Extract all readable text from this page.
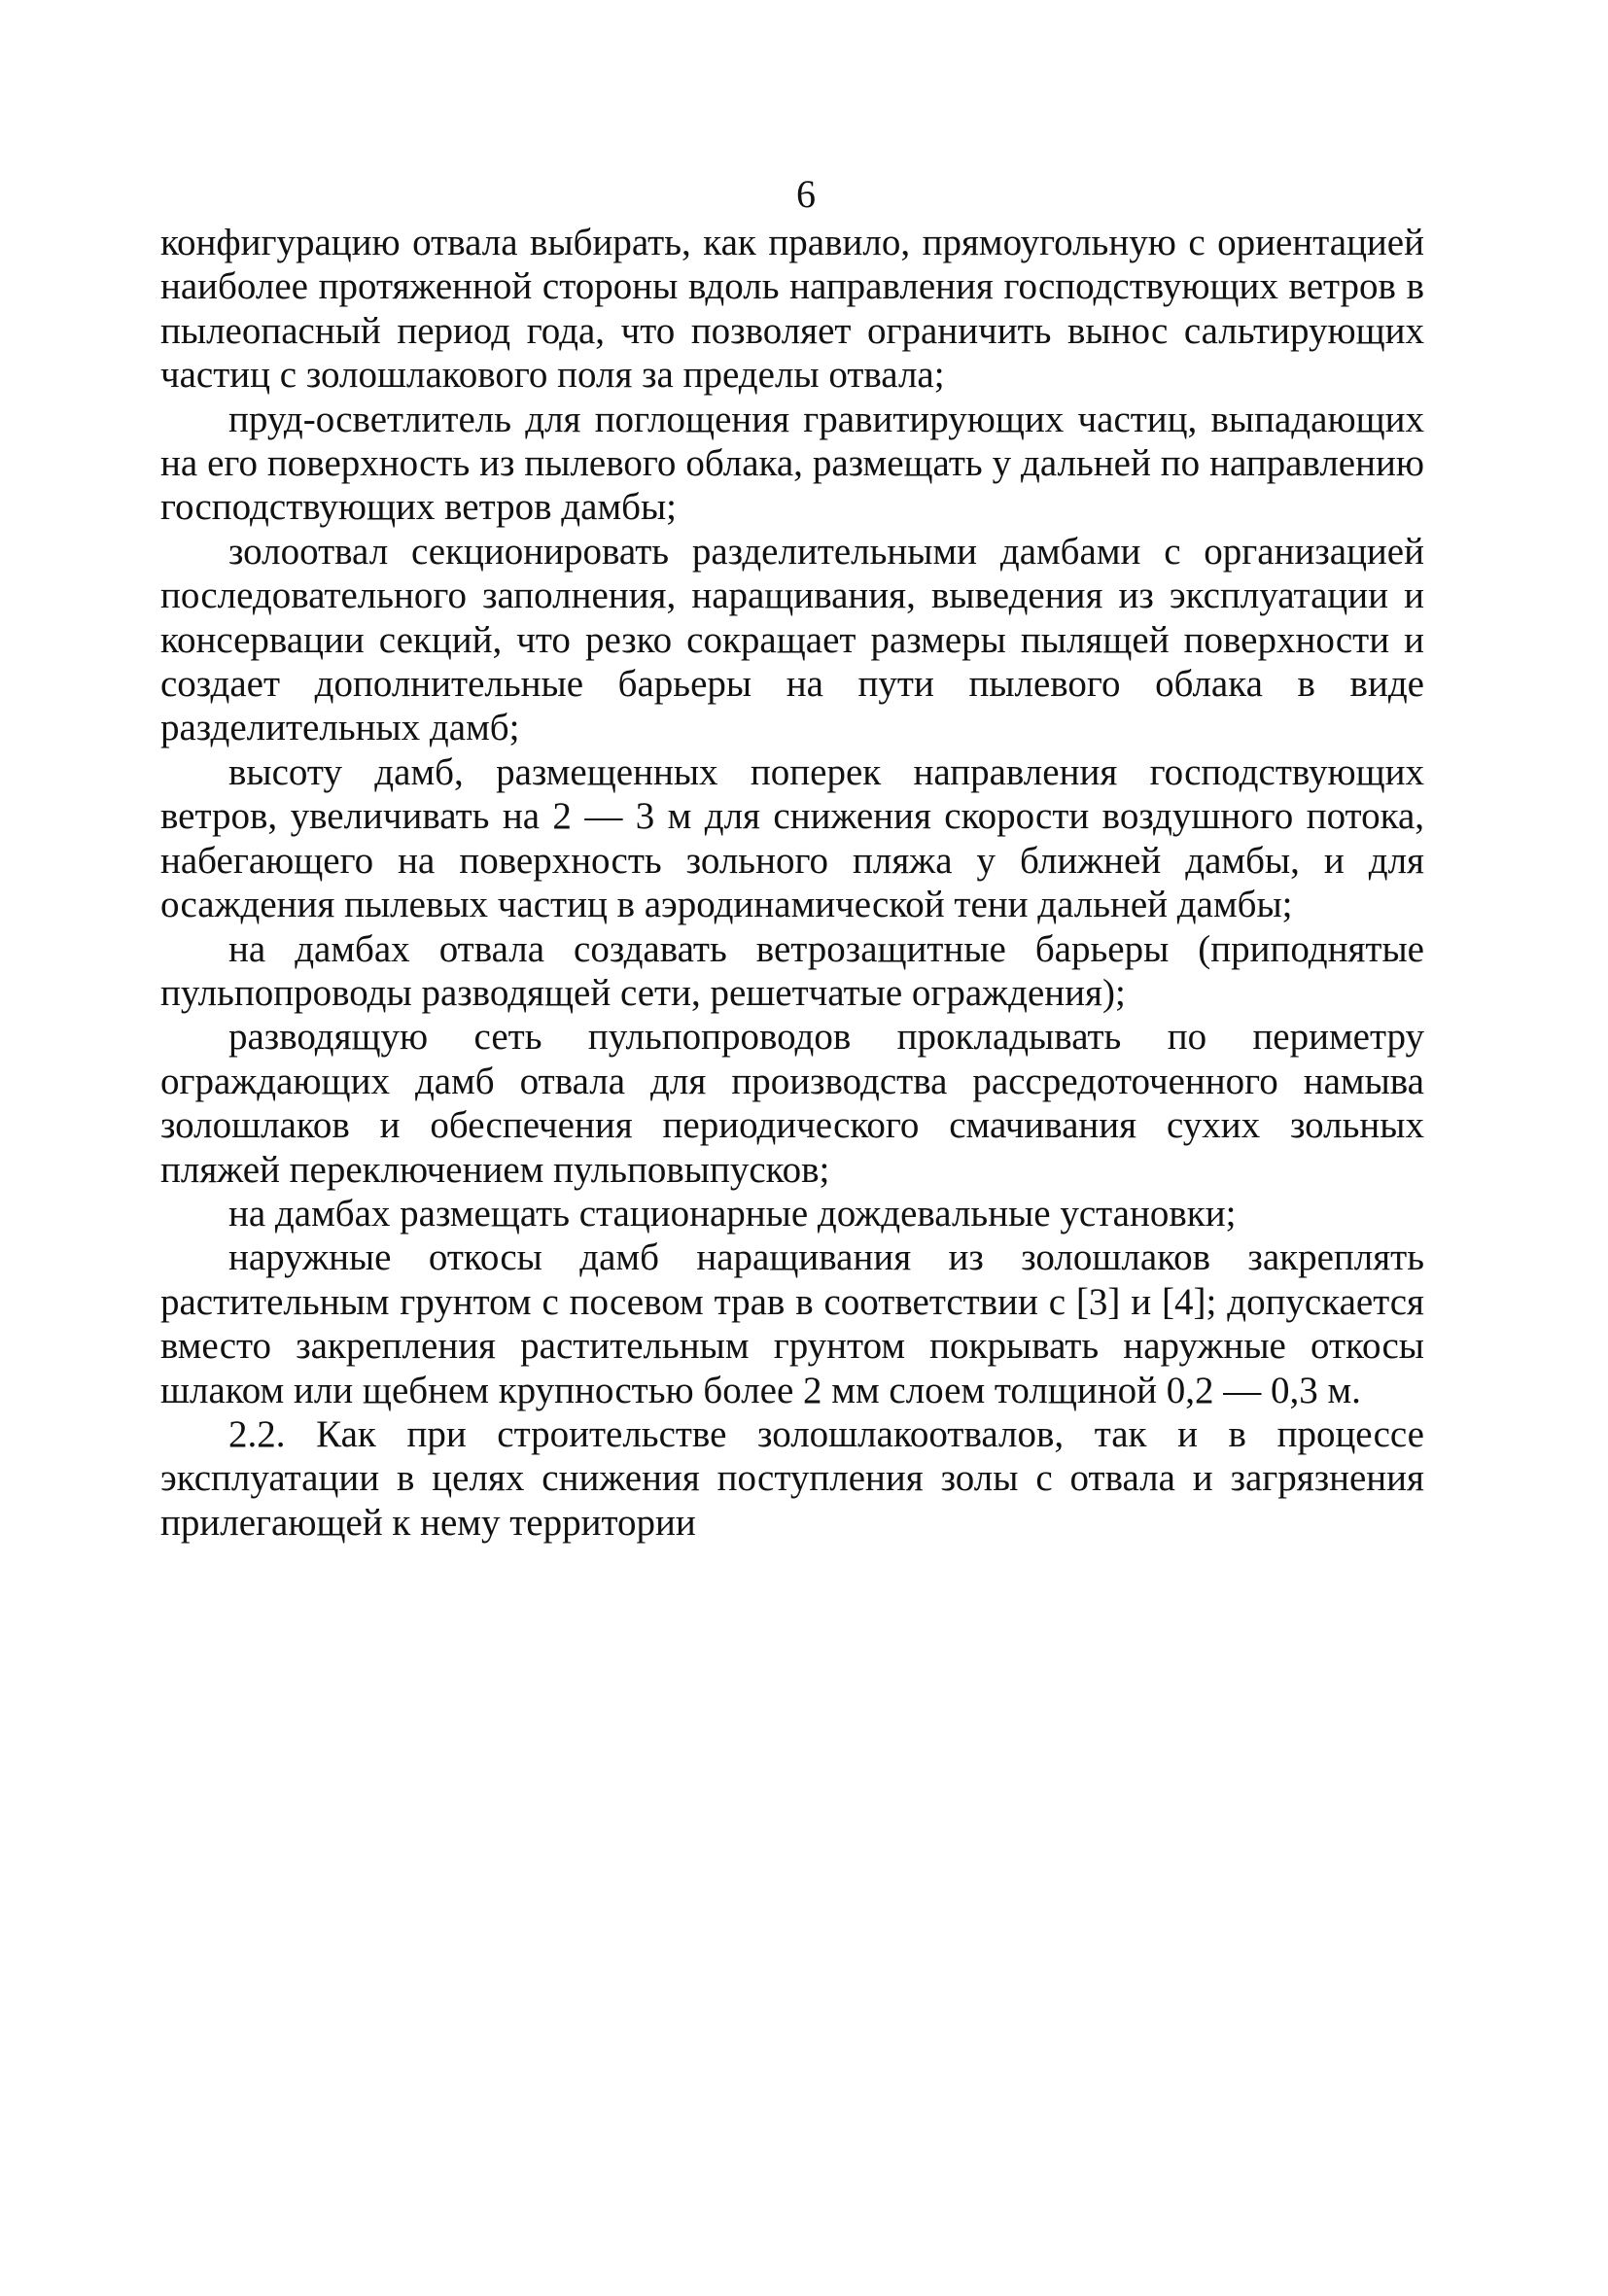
6

конфигурацию отвала выбирать, как правило, прямоугольную с ориентацией наиболее протяженной стороны вдоль направления господствующих ветров в пылеопасный период года, что позволяет ограничить вынос сальтирующих частиц с золошлакового поля за пределы отвала;

пруд-осветлитель для поглощения гравитирующих частиц, выпадающих на его поверхность из пылевого облака, размещать у дальней по направлению господствующих ветров дамбы;

золоотвал секционировать разделительными дамбами с организацией последовательного заполнения, наращивания, выведения из эксплуатации и консервации секций, что резко сокращает размеры пылящей поверхности и создает дополнительные барьеры на пути пылевого облака в виде разделительных дамб;

высоту дамб, размещенных поперек направления господствующих ветров, увеличивать на 2 — 3 м для снижения скорости воздушного потока, набегающего на поверхность зольного пляжа у ближней дамбы, и для осаждения пылевых частиц в аэродинамической тени дальней дамбы;

на дамбах отвала создавать ветрозащитные барьеры (приподнятые пульпопроводы разводящей сети, решетчатые ограждения);

разводящую сеть пульпопроводов прокладывать по периметру ограждающих дамб отвала для производства рассредоточенного намыва золошлаков и обеспечения периодического смачивания сухих зольных пляжей переключением пульповыпусков;

на дамбах размещать стационарные дождевальные установки;

наружные откосы дамб наращивания из золошлаков закреплять растительным грунтом с посевом трав в соответствии с [3] и [4]; допускается вместо закрепления растительным грунтом покрывать наружные откосы шлаком или щебнем крупностью более 2 мм слоем толщиной 0,2 — 0,3 м.

2.2. Как при строительстве золошлакоотвалов, так и в процессе эксплуатации в целях снижения поступления золы с отвала и загрязнения прилегающей к нему территории
